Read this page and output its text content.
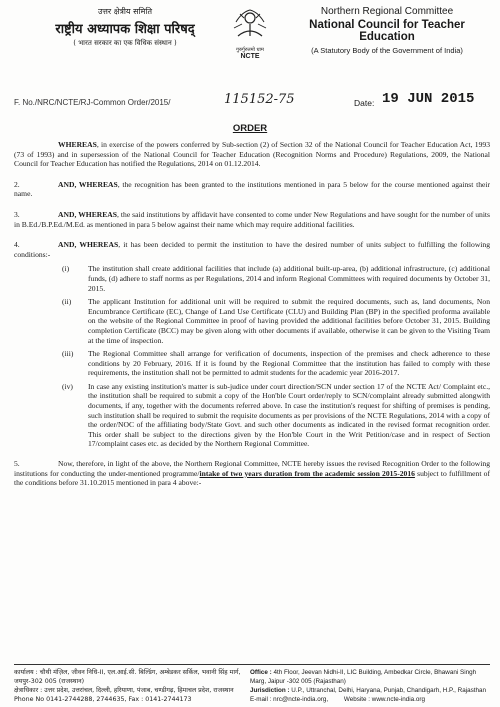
उत्तर क्षेत्रीय समिति
राष्ट्रीय अध्यापक शिक्षा परिषद्
( भारत सरकार का एक विधिक संस्थान )
गुरुर्गुरुतमो धाम
NCTE
Northern Regional Committee
National Council for Teacher Education
(A Statutory Body of the Government of India)
F. No./NRC/NCTE/RJ-Common Order/2015/	115152-75	Date: 19 JUN 2015
ORDER

WHEREAS, in exercise of the powers conferred by Sub-section (2) of Section 32 of the National Council for Teacher Education Act, 1993 (73 of 1993) and in supersession of the National Council for Teacher Education (Recognition Norms and Procedure) Regulations, 2009, the National Council for Teacher Education has notified the Regulations, 2014 on 01.12.2014.

2.	AND, WHEREAS, the recognition has been granted to the institutions mentioned in para 5 below for the course mentioned against their name.

3.	AND, WHEREAS, the said institutions by affidavit have consented to come under New Regulations and have sought for the number of units in B.Ed./B.P.Ed./M.Ed. as mentioned in para 5 below against their name which may require additional facilities.

4.	AND, WHEREAS, it has been decided to permit the institution to have the desired number of units subject to fulfilling the following conditions:-

(i) The institution shall create additional facilities that include (a) additional built-up-area, (b) additional infrastructure, (c) additional funds, (d) adhere to staff norms as per Regulations, 2014 and inform Regional Committees with required documents by October 31, 2015.

(ii) The applicant Institution for additional unit will be required to submit the required documents, such as, land documents, Non Encumbrance Certificate (EC), Change of Land Use Certificate (CLU) and Building Plan (BP) in the specified proforma available on the website of the Regional Committee in proof of having provided the additional facilities before October 31, 2015. Building completion Certificate (BCC) may be given along with other documents if available, otherwise it can be given to the Visiting Team at the time of inspection.

(iii) The Regional Committee shall arrange for verification of documents, inspection of the premises and check adherence to these conditions by 20 February, 2016. If it is found by the Regional Committee that the institution has failed to comply with these requirements, the institution shall not be permitted to admit students for the academic year 2016-2017.

(iv) In case any existing institution's matter is sub-judice under court direction/SCN under section 17 of the NCTE Act/ Complaint etc., the institution shall be required to submit a copy of the Hon'ble Court order/reply to SCN/complaint already submitted alongwith documents, if any, together with the documents referred above. In case the institution's request for shifting of premises is pending, such institution shall be required to submit the requisite documents as per provisions of the NCTE Regulations, 2014 with a copy of the order/NOC of the affiliating body/State Govt. and such other documents as indicated in the revised format recognition order. This order shall be subject to the directions given by the Hon'ble Court in the Writ Petition/case and in respect of Section 17/complaint cases etc. as decided by the Northern Regional Committee.

5.	Now, therefore, in light of the above, the Northern Regional Committee, NCTE hereby issues the revised Recognition Order to the following institutions for conducting the under-mentioned programme/intake of two years duration from the academic session 2015-2016 subject to fulfillment of the conditions before 31.10.2015 mentioned in para 4 above:-

कार्यालय : चौथी मंज़िल, जीवन निधि-II, एल.आई.सी. बिल्डिंग, अम्बेडकर सर्किल, भवानी सिंह मार्ग, जयपुर-302 005 (राजस्थान)
क्षेत्राधिकार : उत्तर प्रदेश, उत्तरांचल, दिल्ली, हरियाणा, पंजाब, चण्डीगढ़, हिमाचल प्रदेश, राजस्थान
Phone No 0141-2744288, 2744635, Fax : 0141-2744173
Office : 4th Floor, Jeevan Nidhi-II, LIC Building, Ambedkar Circle, Bhawani Singh Marg, Jaipur -302 005 (Rajasthan)
Jurisdiction : U.P., Uttranchal, Delhi, Haryana, Punjab, Chandigarh, H.P., Rajasthan
E-mail : nrc@ncte-india.org,	Website : www.ncte-india.org
